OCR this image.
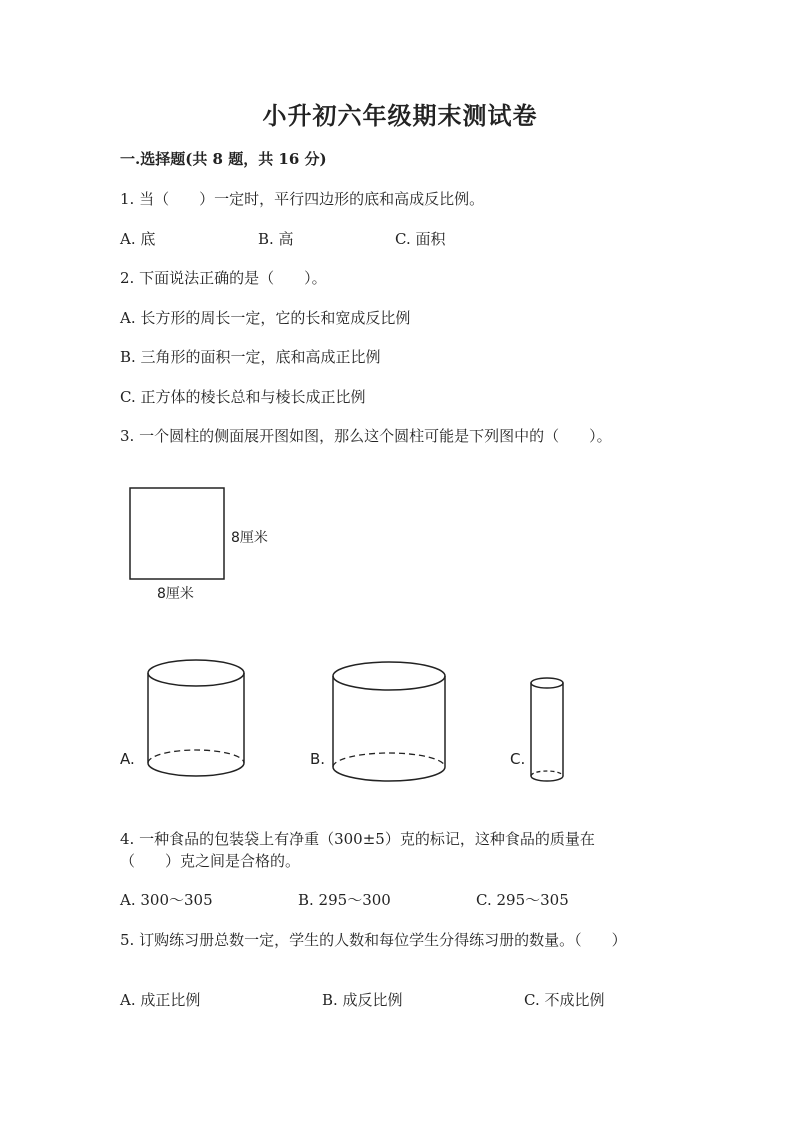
小升初六年级期末测试卷
一.选择题(共 8 题，共 16 分)
1. 当（　　）一定时，平行四边形的底和高成反比例。
A. 底	B. 高	C. 面积
2. 下面说法正确的是（　　）。
A. 长方形的周长一定，它的长和宽成反比例
B. 三角形的面积一定，底和高成正比例
C. 正方体的棱长总和与棱长成正比例
3. 一个圆柱的侧面展开图如图，那么这个圆柱可能是下列图中的（　　）。
8厘米
8厘米
A.	B.	C.
4. 一种食品的包装袋上有净重（300±5）克的标记，这种食品的质量在
（　　）克之间是合格的。
A. 300～305	B. 295～300	C. 295～305
5. 订购练习册总数一定，学生的人数和每位学生分得练习册的数量。（　　）
A. 成正比例	B. 成反比例	C. 不成比例
